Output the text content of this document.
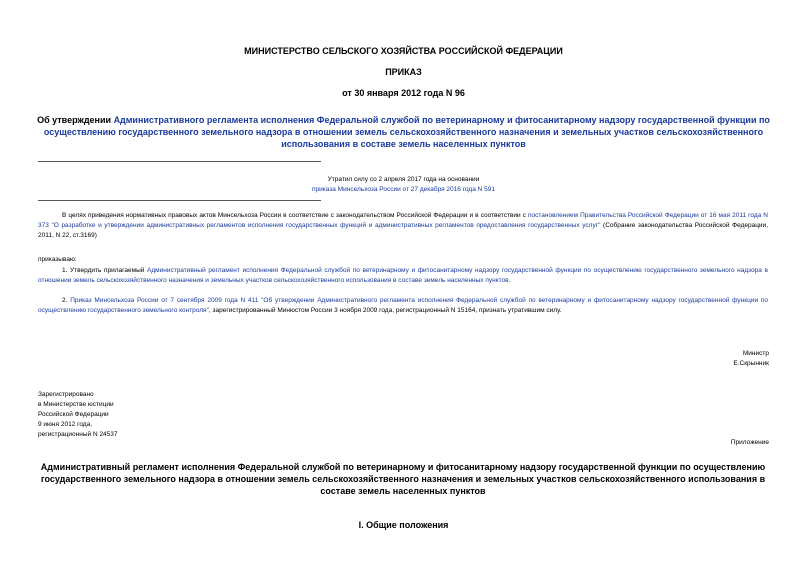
МИНИСТЕРСТВО СЕЛЬСКОГО ХОЗЯЙСТВА РОССИЙСКОЙ ФЕДЕРАЦИИ
ПРИКАЗ
от 30 января 2012 года N 96
Об утверждении Административного регламента исполнения Федеральной службой по ветеринарному и фитосанитарному надзору государственной функции по осуществлению государственного земельного надзора в отношении земель сельскохозяйственного назначения и земельных участков сельскохозяйственного использования в составе земель населенных пунктов
Утратил силу со 2 апреля 2017 года на основании
приказа Минсельхоза России от 27 декабря 2016 года N 591
В целях приведения нормативных правовых актов Минсельхоза России в соответствие с законодательством Российской Федерации и в соответствии с постановлением Правительства Российской Федерации от 16 мая 2011 года N 373 "О разработке и утверждении административных регламентов исполнения государственных функций и административных регламентов предоставления государственных услуг" (Собрание законодательства Российской Федерации, 2011, N 22, ст.3169)
приказываю:
1. Утвердить прилагаемый Административный регламент исполнения Федеральной службой по ветеринарному и фитосанитарному надзору государственной функции по осуществлению государственного земельного надзора в отношении земель сельскохозяйственного назначения и земельных участков сельскохозяйственного использования в составе земель населенных пунктов.
2. Приказ Минсельхоза России от 7 сентября 2009 года N 411 "Об утверждении Административного регламента исполнения Федеральной службой по ветеринарному и фитосанитарному надзору государственной функции по осуществлению государственного земельного контроля", зарегистрированный Минюстом России 3 ноября 2009 года, регистрационный N 15164, признать утратившим силу.
Министр
Е.Скрынник
Зарегистрировано
в Министерстве юстиции
Российской Федерации
9 июня 2012 года,
регистрационный N 24537
Приложение
Административный регламент исполнения Федеральной службой по ветеринарному и фитосанитарному надзору государственной функции по осуществлению государственного земельного надзора в отношении земель сельскохозяйственного назначения и земельных участков сельскохозяйственного использования в составе земель населенных пунктов
I. Общие положения
